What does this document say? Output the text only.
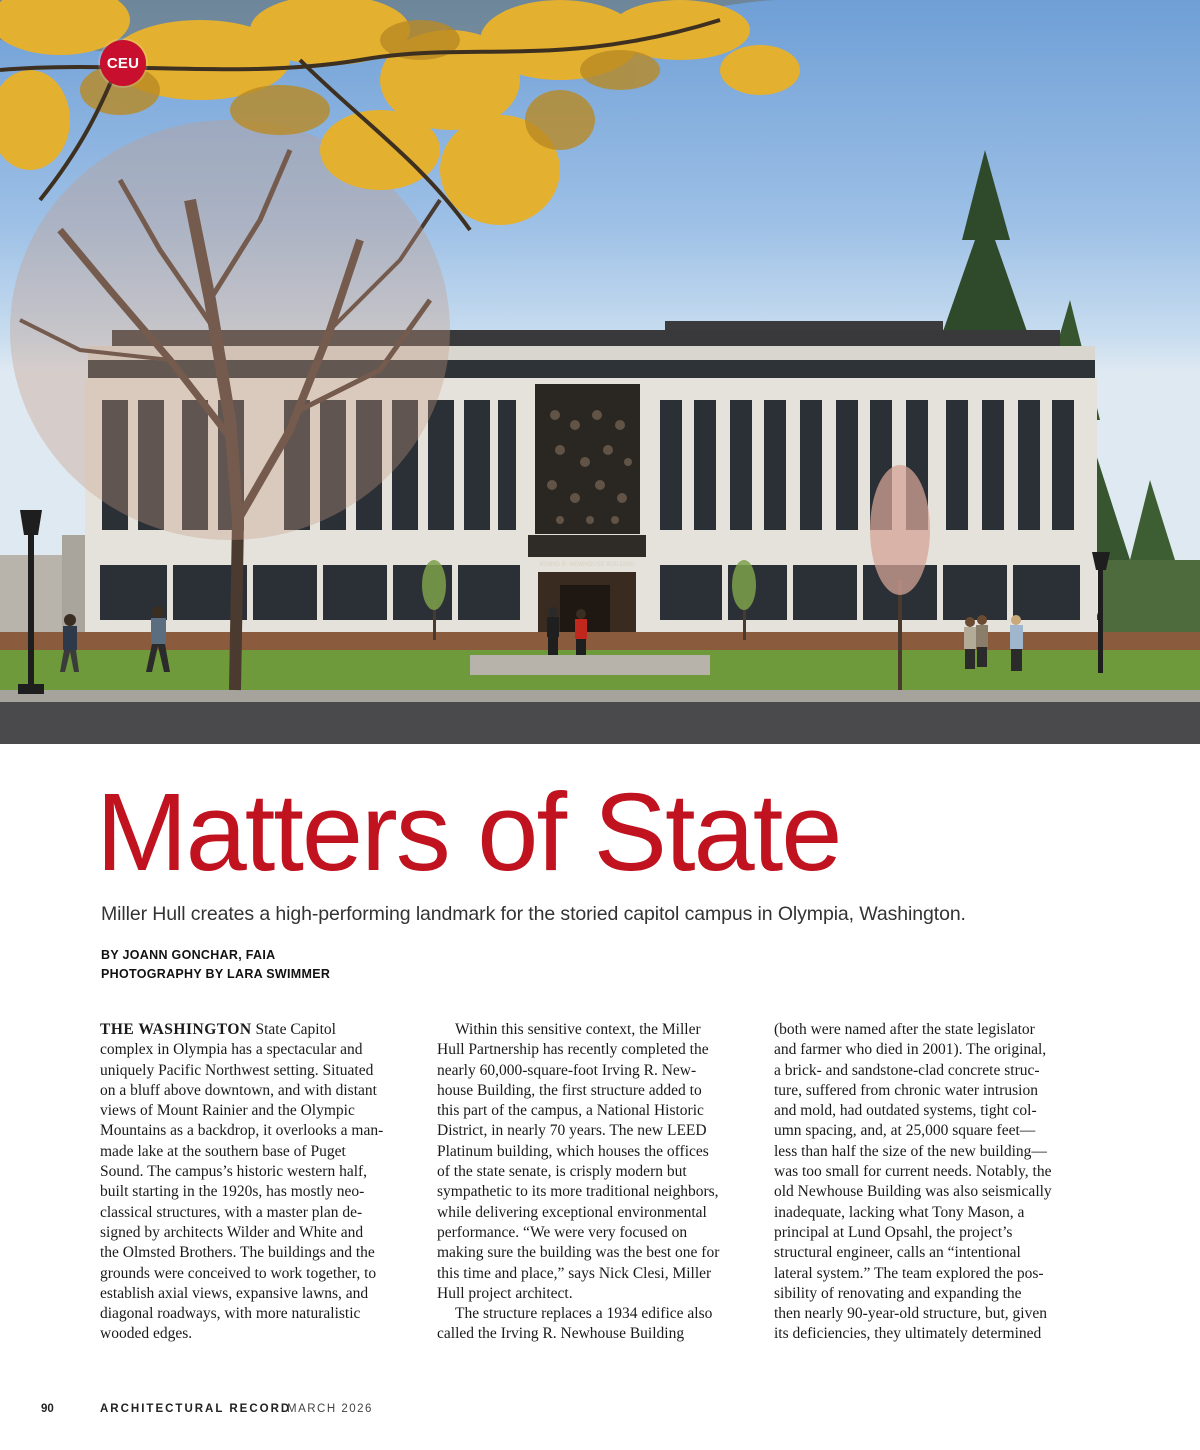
IRVING R. NEWHOUSE BUILDING
CEU
Matters of State

Miller Hull creates a high-performing landmark for the storied capitol campus in Olympia, Washington.

BY JOANN GONCHAR, FAIA
PHOTOGRAPHY BY LARA SWIMMER
THE WASHINGTON State Capitol
complex in Olympia has a spectacular and
uniquely Pacific Northwest setting. Situated
on a bluff above downtown, and with distant
views of Mount Rainier and the Olympic
Mountains as a backdrop, it overlooks a man-
made lake at the southern base of Puget
Sound. The campus’s historic western half,
built starting in the 1920s, has mostly neo-
classical structures, with a master plan de-
signed by architects Wilder and White and
the Olmsted Brothers. The buildings and the
grounds were conceived to work together, to
establish axial views, expansive lawns, and
diagonal roadways, with more naturalistic
wooded edges.
Within this sensitive context, the Miller
Hull Partnership has recently completed the
nearly 60,000-square-foot Irving R. New-
house Building, the first structure added to
this part of the campus, a National Historic
District, in nearly 70 years. The new LEED
Platinum building, which houses the offices
of the state senate, is crisply modern but
sympathetic to its more traditional neighbors,
while delivering exceptional environmental
performance. “We were very focused on
making sure the building was the best one for
this time and place,” says Nick Clesi, Miller
Hull project architect.
The structure replaces a 1934 edifice also
called the Irving R. Newhouse Building
(both were named after the state legislator
and farmer who died in 2001). The original,
a brick- and sandstone-clad concrete struc-
ture, suffered from chronic water intrusion
and mold, had outdated systems, tight col-
umn spacing, and, at 25,000 square feet—
less than half the size of the new building—
was too small for current needs. Notably, the
old Newhouse Building was also seismically
inadequate, lacking what Tony Mason, a
principal at Lund Opsahl, the project’s
structural engineer, calls an “intentional
lateral system.” The team explored the pos-
sibility of renovating and expanding the
then nearly 90-year-old structure, but, given
its deficiencies, they ultimately determined
90	ARCHITECTURAL RECORD
MARCH 2026
